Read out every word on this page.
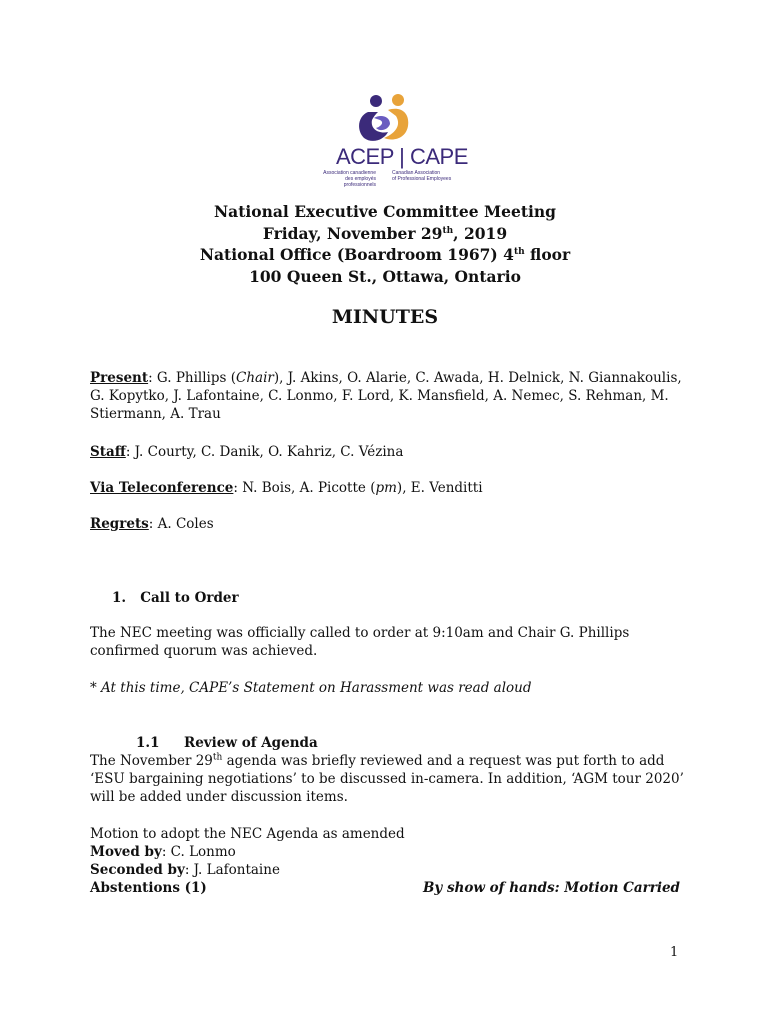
ACEP | CAPE
Association canadienne
des employés professionnels
Canadian Association
of Professional Employees
National Executive Committee Meeting
Friday, November 29th, 2019
National Office (Boardroom 1967) 4th floor
100 Queen St., Ottawa, Ontario
MINUTES
Present: G. Phillips (Chair), J. Akins, O. Alarie, C. Awada, H. Delnick, N. Giannakoulis, G. Kopytko, J. Lafontaine, C. Lonmo, F. Lord, K. Mansfield, A. Nemec, S. Rehman, M. Stiermann, A. Trau
Staff: J. Courty, C. Danik, O. Kahriz, C. Vézina
Via Teleconference: N. Bois, A. Picotte (pm), E. Venditti
Regrets: A. Coles
1.   Call to Order
The NEC meeting was officially called to order at 9:10am and Chair G. Phillips confirmed quorum was achieved.
* At this time, CAPE’s Statement on Harassment was read aloud
1.1 Review of Agenda
The November 29th agenda was briefly reviewed and a request was put forth to add ‘ESU bargaining negotiations’ to be discussed in-camera. In addition, ‘AGM tour 2020’ will be added under discussion items.
Motion to adopt the NEC Agenda as amended
Moved by: C. Lonmo
Seconded by: J. Lafontaine
Abstentions (1)	By show of hands: Motion Carried
1
